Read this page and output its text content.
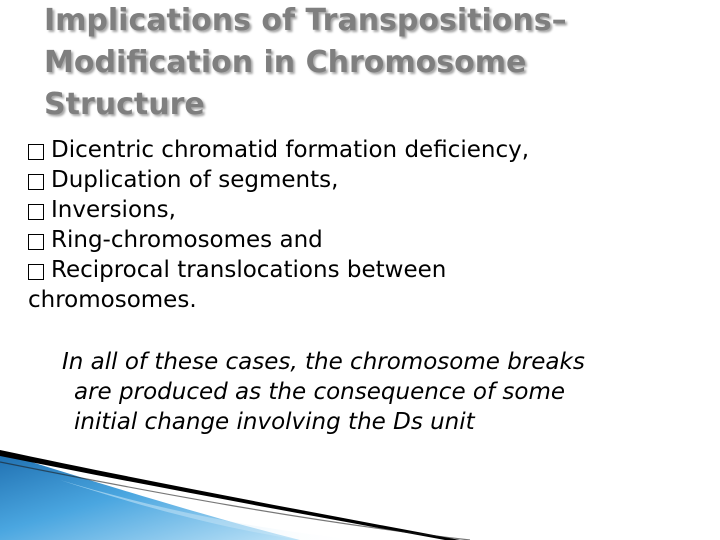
Implications of Transpositions–
Modification in Chromosome
Structure
Dicentric chromatid formation deficiency,
Duplication of segments,
Inversions,
Ring-chromosomes and
Reciprocal translocations between
chromosomes.

In all of these cases, the chromosome breaks
are produced as the consequence of some
initial change involving the Ds unit
